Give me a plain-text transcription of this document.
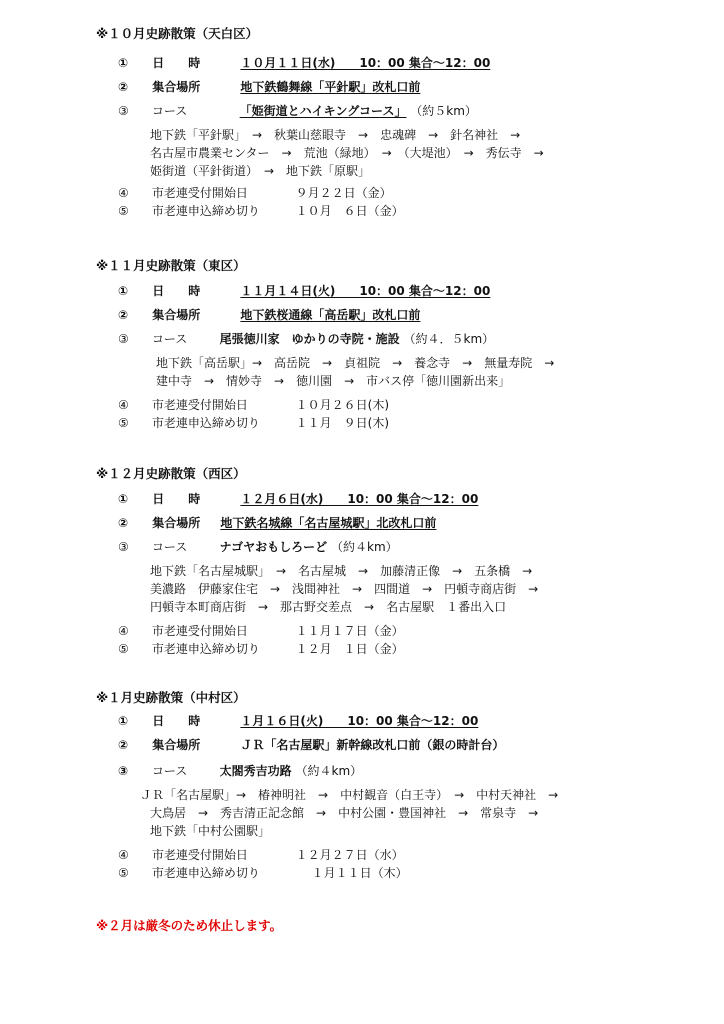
※１０月史跡散策（天白区）
① 日　　時	１０月１１日(水)　　10：00 集合～12：00
② 集合場所	地下鉄鶴舞線「平針駅」改札口前
③ コース	「姫街道とハイキングコース」 （約５km）
地下鉄「平針駅」　→　秋葉山慈眼寺　→　忠魂碑　→　針名神社　→
名古屋市農業センター　→　荒池（緑地）　→　（大堤池）　→　秀伝寺　→
姫街道（平針街道）　→　地下鉄「原駅」
④ 市老連受付開始日	９月２２日（金）
⑤ 市老連申込締め切り	１０月　６日（金）
※１１月史跡散策（東区）
① 日　　時	１１月１４日(火)　　10：00 集合～12：00
② 集合場所	地下鉄桜通線「高岳駅」改札口前
③ コース	尾張徳川家　ゆかりの寺院・施設 （約４．５km）
地下鉄「高岳駅」→　高岳院　→　貞祖院　→　養念寺　→　無量寿院　→
建中寺　→　情妙寺　→　徳川園　→　市バス停「徳川園新出来」
④ 市老連受付開始日	１０月２６日(木)
⑤ 市老連申込締め切り	１１月　９日(木)
※１２月史跡散策（西区）
① 日　　時	１２月６日(水)　　10：00 集合～12：00
② 集合場所 地下鉄名城線「名古屋城駅」北改札口前
③ コース	ナゴヤおもしろーど （約４km）
地下鉄「名古屋城駅」　→　名古屋城　→　加藤清正像　→　五条橋　→
美濃路　伊藤家住宅　→　浅間神社　→　四間道　→　円頓寺商店街　→
円頓寺本町商店街　→　那古野交差点　→　名古屋駅　１番出入口
④ 市老連受付開始日	１１月１７日（金）
⑤ 市老連申込締め切り	１２月　１日（金）
※１月史跡散策（中村区）
① 日　　時	１月１６日(火)　　10：00 集合～12：00
② 集合場所	ＪＲ「名古屋駅」新幹線改札口前（銀の時計台）
③ コース	太閤秀吉功路 （約４km）
ＪＲ「名古屋駅」→　椿神明社　→　中村観音（白王寺）　→　中村天神社　→
大鳥居　→　秀吉清正記念館　→　中村公園・豊国神社　→　常泉寺　→
地下鉄「中村公園駅」
④ 市老連受付開始日	１２月２７日（水）
⑤ 市老連申込締め切り	１月１１日（木）
※２月は厳冬のため休止します。
